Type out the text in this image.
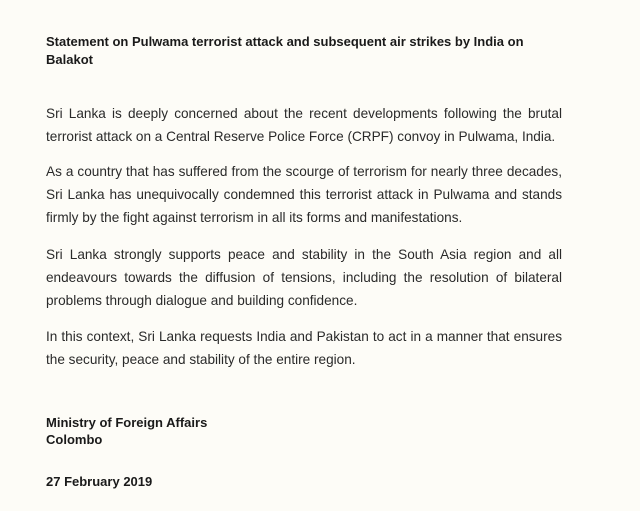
Statement on Pulwama terrorist attack and subsequent air strikes by India on Balakot

Sri Lanka is deeply concerned about the recent developments following the brutal terrorist attack on a Central Reserve Police Force (CRPF) convoy in Pulwama, India.

As a country that has suffered from the scourge of terrorism for nearly three decades, Sri Lanka has unequivocally condemned this terrorist attack in Pulwama and stands firmly by the fight against terrorism in all its forms and manifestations.

Sri Lanka strongly supports peace and stability in the South Asia region and all endeavours towards the diffusion of tensions, including the resolution of bilateral problems through dialogue and building confidence.

In this context, Sri Lanka requests India and Pakistan to act in a manner that ensures the security, peace and stability of the entire region.

Ministry of Foreign Affairs
Colombo
27 February 2019
